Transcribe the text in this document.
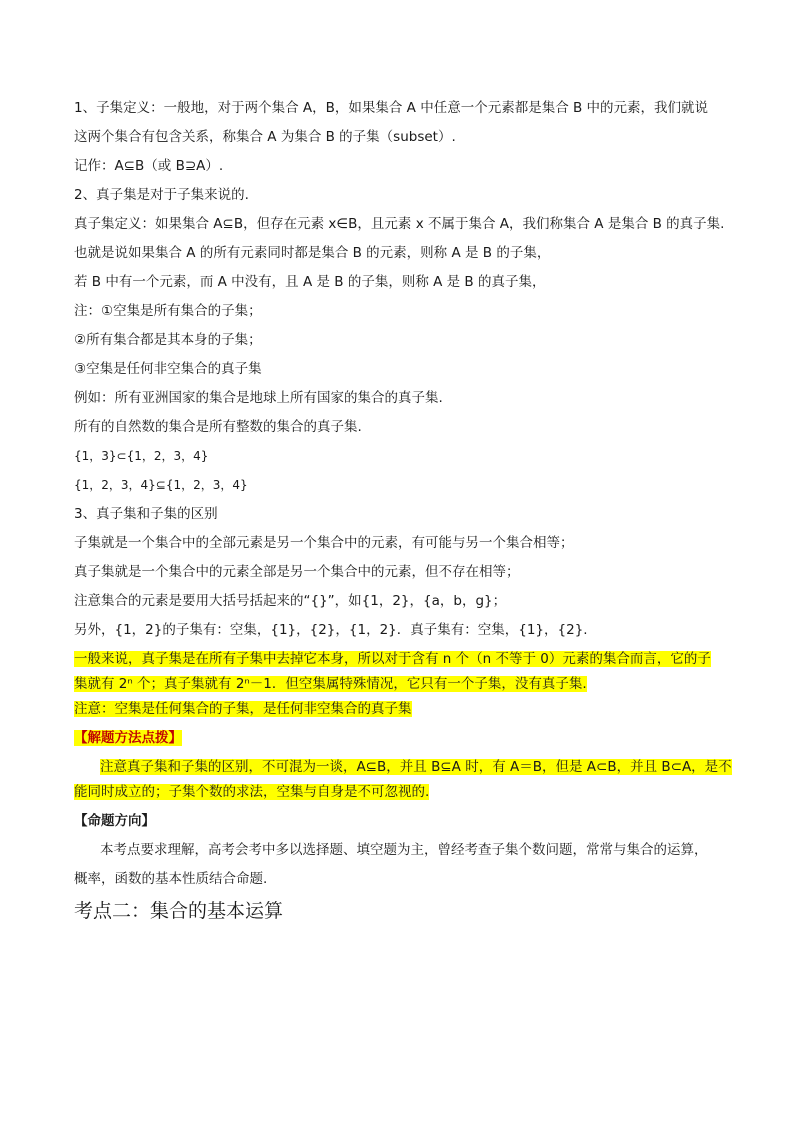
1、子集定义：一般地，对于两个集合 A，B，如果集合 A 中任意一个元素都是集合 B 中的元素，我们就说
这两个集合有包含关系，称集合 A 为集合 B 的子集（subset）.
记作：A⊆B（或 B⊇A）.
2、真子集是对于子集来说的.
真子集定义：如果集合 A⊆B，但存在元素 x∈B，且元素 x 不属于集合 A，我们称集合 A 是集合 B 的真子集.
也就是说如果集合 A 的所有元素同时都是集合 B 的元素，则称 A 是 B 的子集，
若 B 中有一个元素，而 A 中没有，且 A 是 B 的子集，则称 A 是 B 的真子集，
注：①空集是所有集合的子集；
②所有集合都是其本身的子集；
③空集是任何非空集合的真子集
例如：所有亚洲国家的集合是地球上所有国家的集合的真子集.
所有的自然数的集合是所有整数的集合的真子集.
{1，3}⊂{1，2，3，4}
{1，2，3，4}⊆{1，2，3，4}
3、真子集和子集的区别
子集就是一个集合中的全部元素是另一个集合中的元素，有可能与另一个集合相等；
真子集就是一个集合中的元素全部是另一个集合中的元素，但不存在相等；
注意集合的元素是要用大括号括起来的“{}”，如{1，2}，{a，b，g}；
另外，{1，2}的子集有：空集，{1}，{2}，{1，2}．真子集有：空集，{1}，{2}.
一般来说，真子集是在所有子集中去掉它本身，所以对于含有 n 个（n 不等于 0）元素的集合而言，它的子
集就有 2ⁿ 个；真子集就有 2ⁿ－1．但空集属特殊情况，它只有一个子集，没有真子集.
注意：空集是任何集合的子集，是任何非空集合的真子集
【解题方法点拨】
注意真子集和子集的区别，不可混为一谈，A⊆B，并且 B⊆A 时，有 A＝B，但是 A⊂B，并且 B⊂A，是不
能同时成立的；子集个数的求法，空集与自身是不可忽视的.
【命题方向】
本考点要求理解，高考会考中多以选择题、填空题为主，曾经考查子集个数问题，常常与集合的运算，
概率，函数的基本性质结合命题.
考点二：集合的基本运算
